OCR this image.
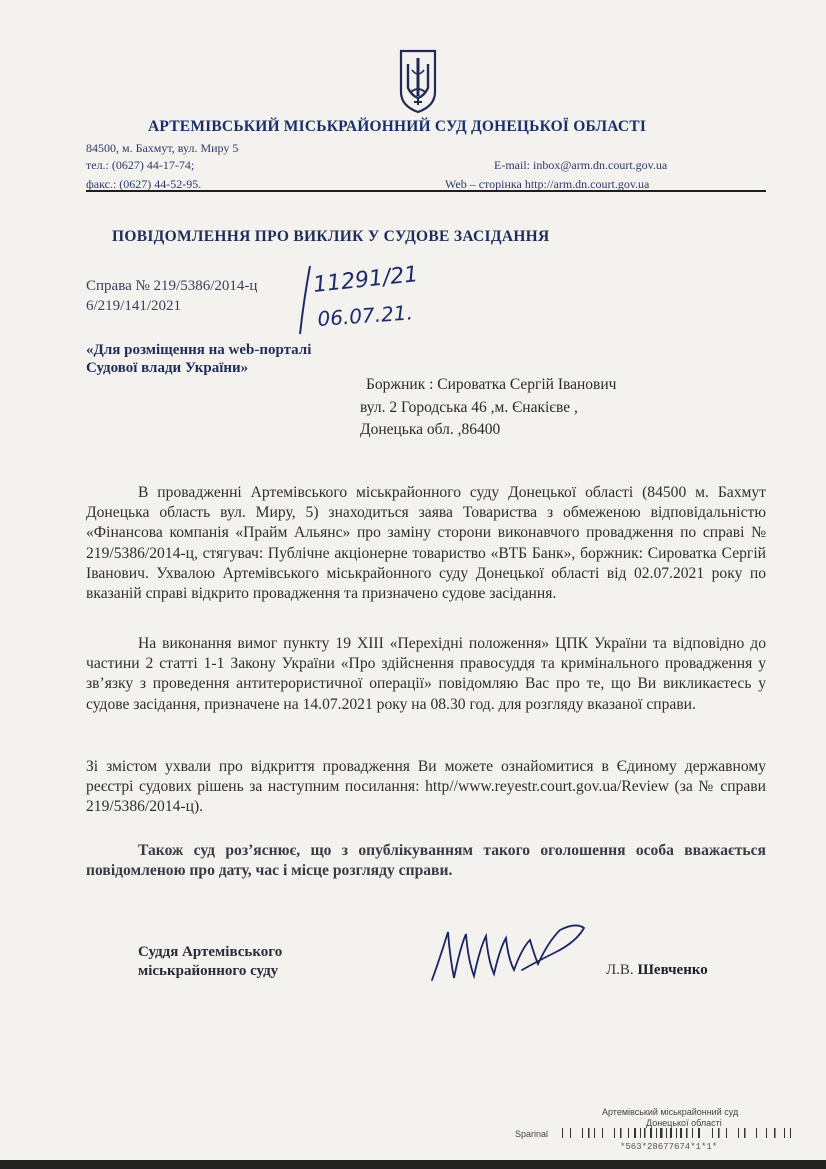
АРТЕМІВСЬКИЙ МІСЬКРАЙОННИЙ СУД ДОНЕЦЬКОЇ ОБЛАСТІ
84500, м. Бахмут, вул. Миру 5
тел.: (0627) 44-17-74;
факс.: (0627) 44-52-95.
E-mail: inbox@arm.dn.court.gov.ua
Web – сторінка http://arm.dn.court.gov.ua
ПОВІДОМЛЕННЯ ПРО ВИКЛИК У СУДОВЕ ЗАСІДАННЯ
Справа № 219/5386/2014-ц
6/219/141/2021
11291/21
06.07.21.
«Для розміщення на web-порталі
Судової влади України»
Боржник : Сироватка Сергій Іванович
вул. 2 Городська 46 ,м. Єнакієве ,
Донецька обл. ,86400

В провадженні Артемівського міськрайонного суду Донецької області (84500 м. Бахмут Донецька область вул. Миру, 5) знаходиться заява Товариства з обмеженою відповідальністю «Фінансова компанія «Прайм Альянс» про заміну сторони виконавчого провадження по справі № 219/5386/2014-ц, стягувач: Публічне акціонерне товариство «ВТБ Банк», боржник: Сироватка Сергій Іванович. Ухвалою Артемівського міськрайонного суду Донецької області від 02.07.2021 року по вказаній справі відкрито провадження та призначено судове засідання.

На виконання вимог пункту 19 XIII «Перехідні положення» ЦПК України та відповідно до частини 2 статті 1-1 Закону України «Про здійснення правосуддя та кримінального провадження у зв’язку з проведення антитерористичної операції» повідомляю Вас про те, що Ви викликаєтесь у судове засідання, призначене на 14.07.2021 року на 08.30 год. для розгляду вказаної справи.

Зі змістом ухвали про відкриття провадження Ви можете ознайомитися в Єдиному державному реєстрі судових рішень за наступним посилання: http//www.reyestr.court.gov.ua/Review (за № справи 219/5386/2014-ц).

Також суд роз’яснює, що з опублікуванням такого оголошення особа вважається повідомленою про дату, час і місце розгляду справи.

Суддя Артемівського
міськрайонного суду	Л.В. Шевченко
Артемівський міськрайонний суд
Донецької області
Sparinal
*563*28677674*1*1*
